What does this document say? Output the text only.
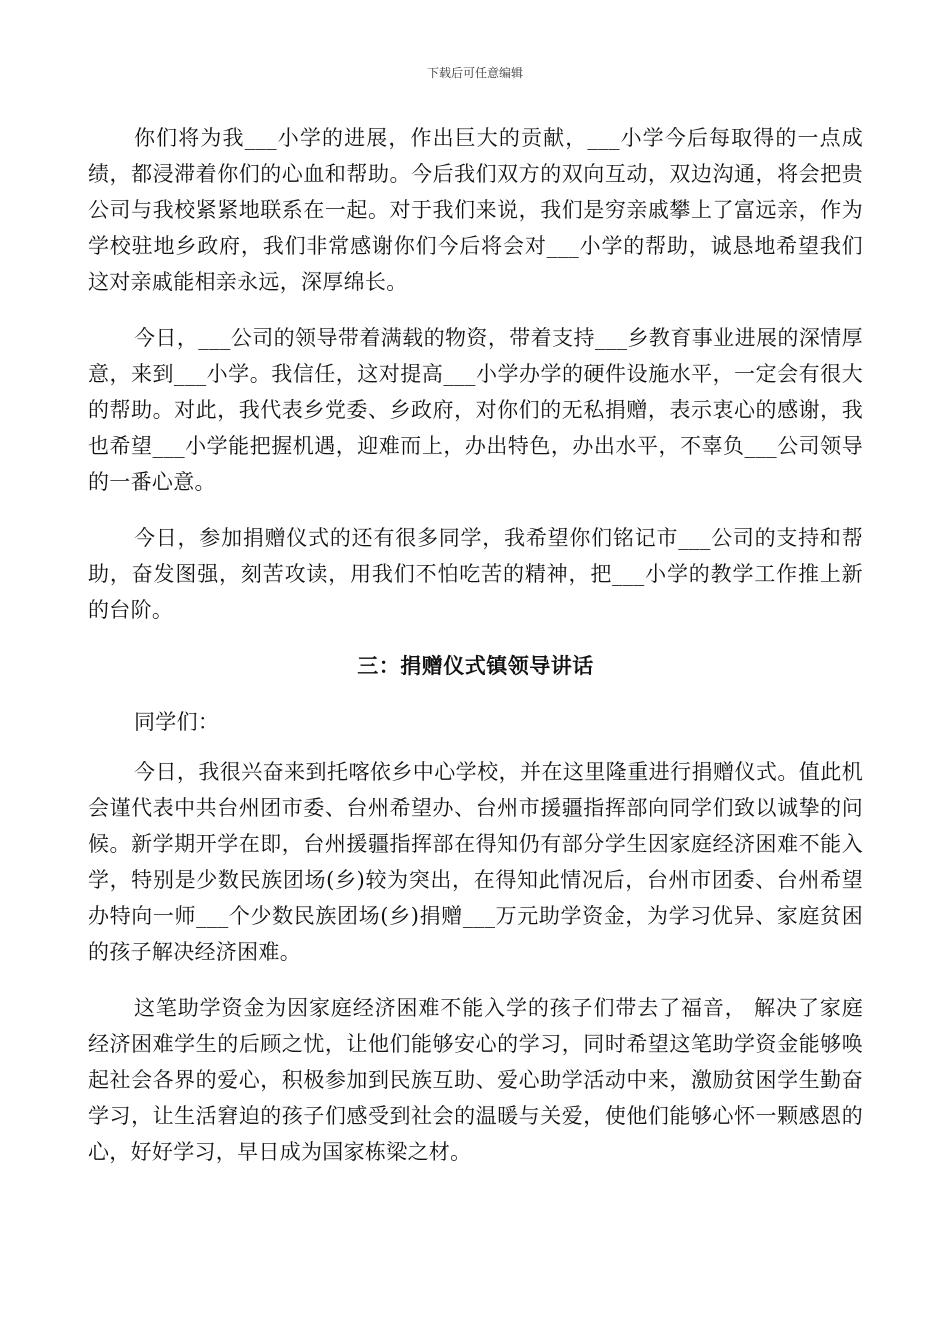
下载后可任意编辑

你们将为我___小学的进展，作出巨大的贡献，___小学今后每取得的一点成绩，都浸滞着你们的心血和帮助。今后我们双方的双向互动，双边沟通，将会把贵公司与我校紧紧地联系在一起。对于我们来说，我们是穷亲戚攀上了富远亲，作为学校驻地乡政府，我们非常感谢你们今后将会对___小学的帮助，诚恳地希望我们这对亲戚能相亲永远，深厚绵长。

今日，___公司的领导带着满载的物资，带着支持___乡教育事业进展的深情厚意，来到___小学。我信任，这对提高___小学办学的硬件设施水平，一定会有很大的帮助。对此，我代表乡党委、乡政府，对你们的无私捐赠，表示衷心的感谢，我也希望___小学能把握机遇，迎难而上，办出特色，办出水平，不辜负___公司领导的一番心意。

今日，参加捐赠仪式的还有很多同学，我希望你们铭记市___公司的支持和帮助，奋发图强，刻苦攻读，用我们不怕吃苦的精神，把___小学的教学工作推上新的台阶。

三：捐赠仪式镇领导讲话

同学们：

今日，我很兴奋来到托喀依乡中心学校，并在这里隆重进行捐赠仪式。值此机会谨代表中共台州团市委、台州希望办、台州市援疆指挥部向同学们致以诚挚的问候。新学期开学在即，台州援疆指挥部在得知仍有部分学生因家庭经济困难不能入学，特别是少数民族团场(乡)较为突出，在得知此情况后，台州市团委、台州希望办特向一师___个少数民族团场(乡)捐赠___万元助学资金，为学习优异、家庭贫困的孩子解决经济困难。

这笔助学资金为因家庭经济困难不能入学的孩子们带去了福音， 解决了家庭经济困难学生的后顾之忧，让他们能够安心的学习，同时希望这笔助学资金能够唤起社会各界的爱心，积极参加到民族互助、爱心助学活动中来，激励贫困学生勤奋学习，让生活窘迫的孩子们感受到社会的温暖与关爱，使他们能够心怀一颗感恩的心，好好学习，早日成为国家栋梁之材。
